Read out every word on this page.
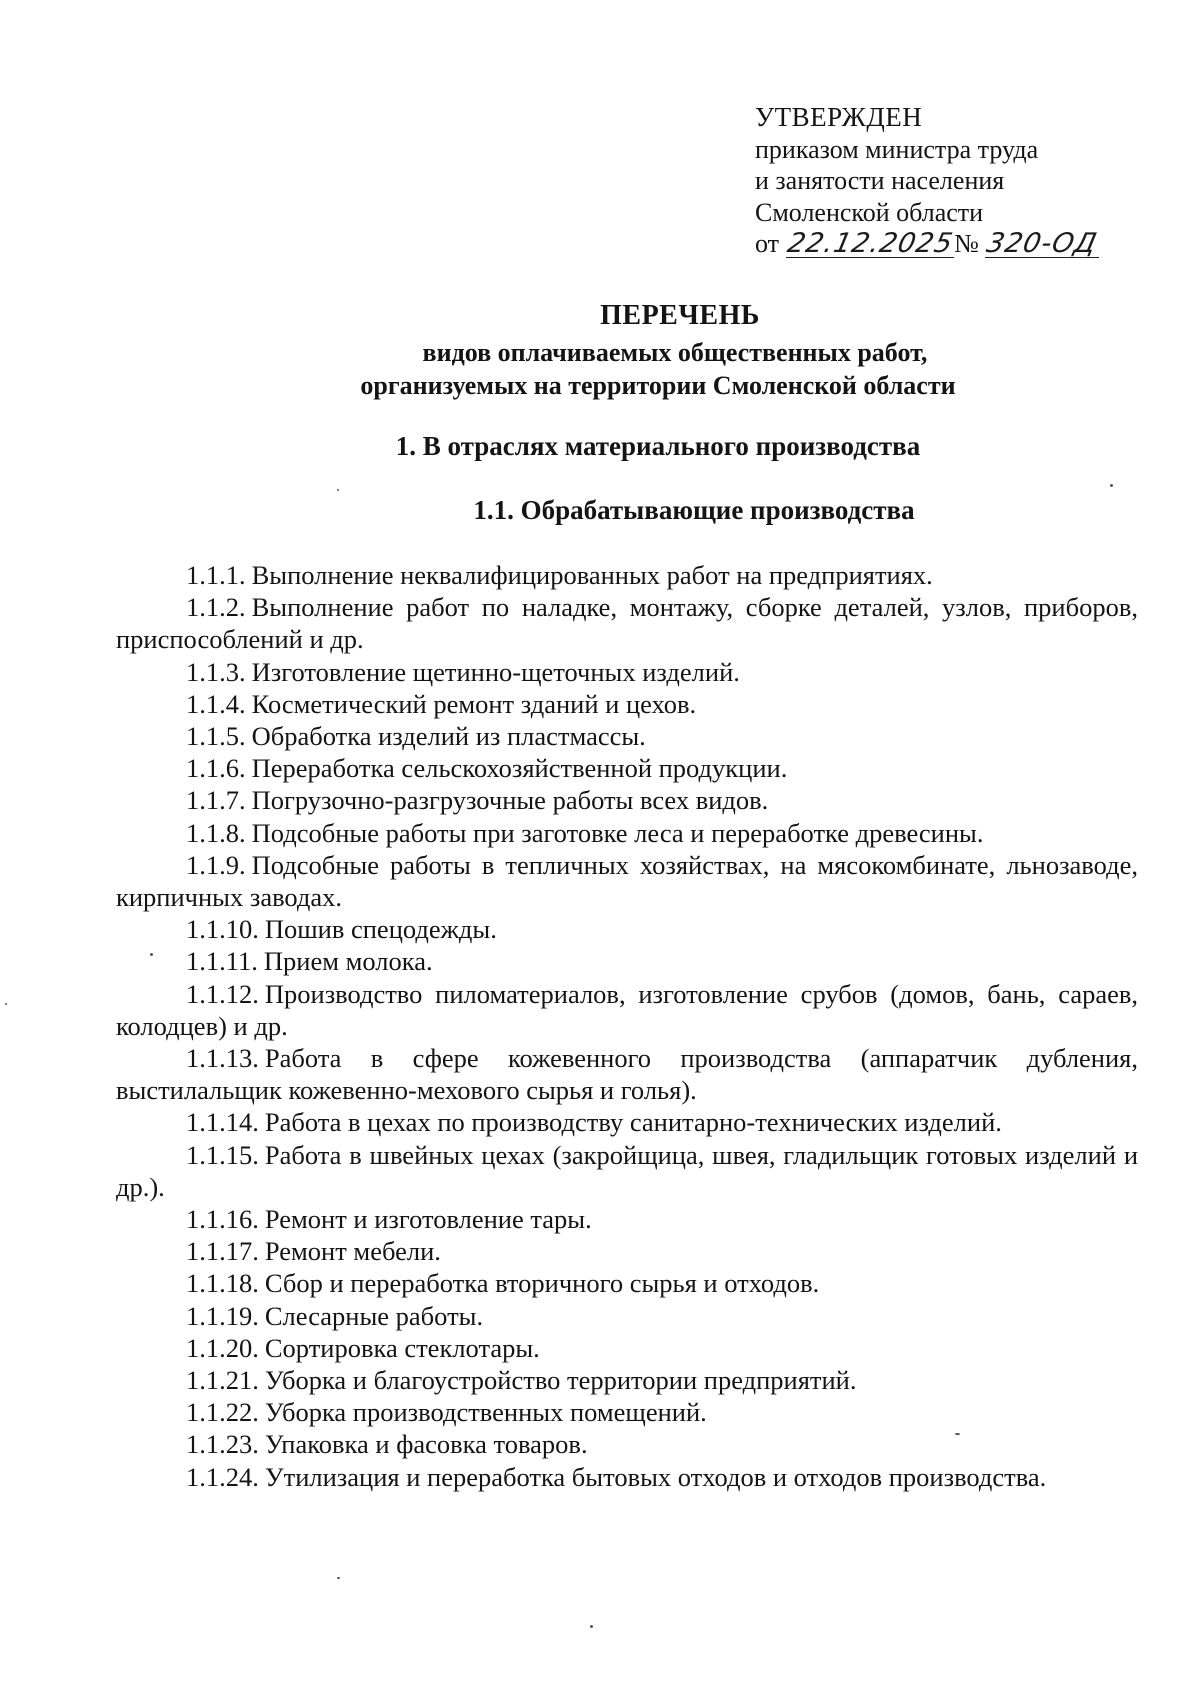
УТВЕРЖДЕН
приказом министра труда
и занятости населения
Смоленской области
от 22.12.2025№ 320-ОД
ПЕРЕЧЕНЬ
видов оплачиваемых общественных работ,
организуемых на территории Смоленской области
1. В отраслях материального производства
1.1. Обрабатывающие производства

1.1.1. Выполнение неквалифицированных работ на предприятиях.

1.1.2. Выполнение работ по наладке, монтажу, сборке деталей, узлов, приборов, приспособлений и др.

1.1.3. Изготовление щетинно-щеточных изделий.

1.1.4. Косметический ремонт зданий и цехов.

1.1.5. Обработка изделий из пластмассы.

1.1.6. Переработка сельскохозяйственной продукции.

1.1.7. Погрузочно-разгрузочные работы всех видов.

1.1.8. Подсобные работы при заготовке леса и переработке древесины.

1.1.9. Подсобные работы в тепличных хозяйствах, на мясокомбинате, льнозаводе, кирпичных заводах.

1.1.10. Пошив спецодежды.

1.1.11. Прием молока.

1.1.12. Производство пиломатериалов, изготовление срубов (домов, бань, сараев, колодцев) и др.

1.1.13. Работа в сфере кожевенного производства (аппаратчик дубления, выстилальщик кожевенно-мехового сырья и голья).

1.1.14. Работа в цехах по производству санитарно-технических изделий.

1.1.15. Работа в швейных цехах (закройщица, швея, гладильщик готовых изделий и др.).

1.1.16. Ремонт и изготовление тары.

1.1.17. Ремонт мебели.

1.1.18. Сбор и переработка вторичного сырья и отходов.

1.1.19. Слесарные работы.

1.1.20. Сортировка стеклотары.

1.1.21. Уборка и благоустройство территории предприятий.

1.1.22. Уборка производственных помещений.

1.1.23. Упаковка и фасовка товаров.

1.1.24. Утилизация и переработка бытовых отходов и отходов производства.
